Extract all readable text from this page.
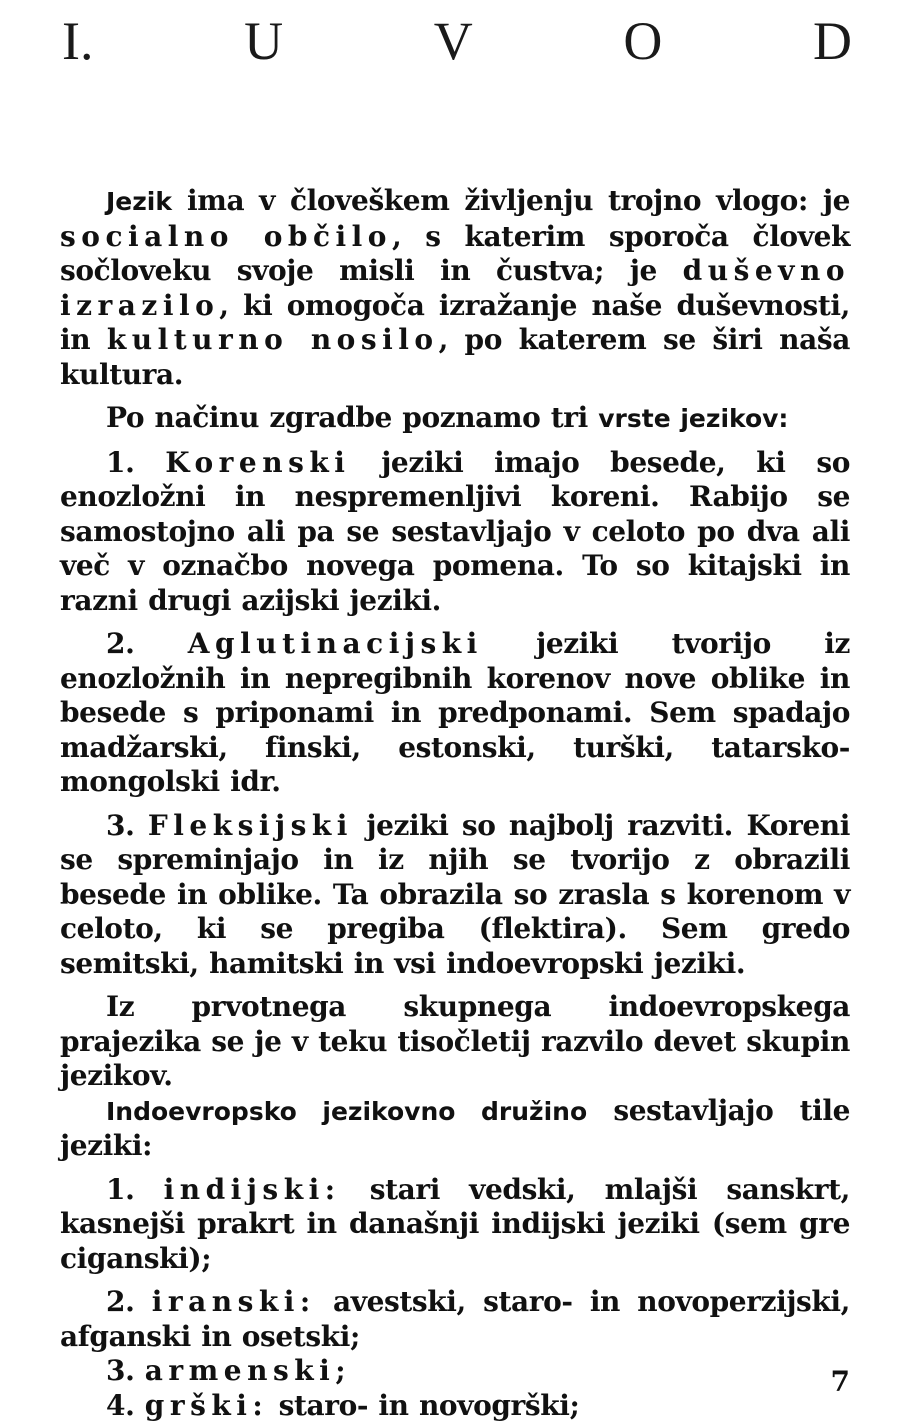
I.	U	V	O	D

Jezik ima v človeškem življenju trojno vlogo: je socialno občilo, s katerim sporoča človek sočloveku svoje misli in čustva; je duševno izrazilo, ki omogoča izražanje naše duševnosti, in kulturno nosilo, po katerem se širi naša kultura.

Po načinu zgradbe poznamo tri vrste jezikov:

1. Korenski jeziki imajo besede, ki so enozložni in nespremenljivi koreni. Rabijo se samostojno ali pa se sestavljajo v celoto po dva ali več v označbo novega pomena. To so kitajski in razni drugi azijski jeziki.

2. Aglutinacijski jeziki tvorijo iz enozložnih in nepregibnih korenov nove oblike in besede s priponami in predponami. Sem spadajo madžarski, finski, estonski, turški, tatarsko-mongolski idr.

3. Fleksijski jeziki so najbolj razviti. Koreni se spreminjajo in iz njih se tvorijo z obrazili besede in oblike. Ta obrazila so zrasla s korenom v celoto, ki se pregiba (flektira). Sem gredo semitski, hamitski in vsi indoevropski jeziki.

Iz prvotnega skupnega indoevropskega prajezika se je v teku tisočletij razvilo devet skupin jezikov.

Indoevropsko jezikovno družino sestavljajo tile jeziki:

1. indijski: stari vedski, mlajši sanskrt, kasnejši prakrt in današnji indijski jeziki (sem gre ciganski);

2. iranski: avestski, staro- in novoperzijski, afganski in osetski;

3. armenski;

4. grški: staro- in novogrški;

7
